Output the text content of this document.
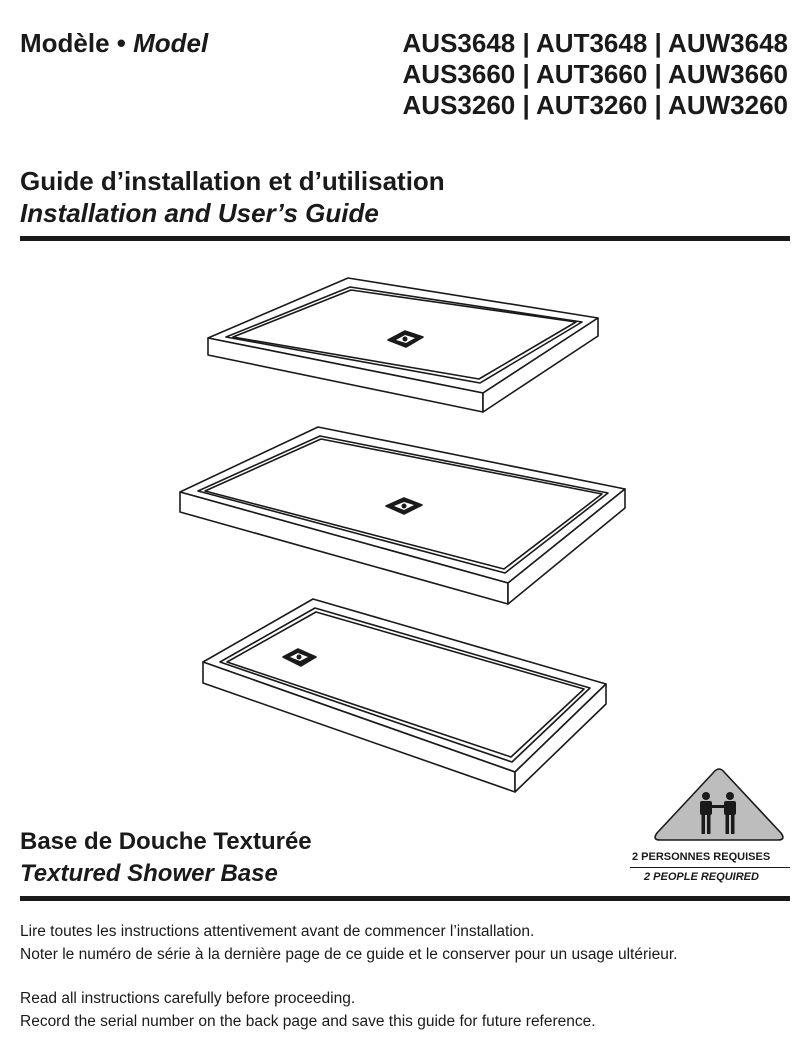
Modèle • Model	AUS3648 | AUT3648 | AUW3648
AUS3660 | AUT3660 | AUW3660
AUS3260 | AUT3260 | AUW3260
Guide d’installation et d’utilisation
Installation and User’s Guide
Base de Douche Texturée
Textured Shower Base
2 PERSONNES REQUISES
2 PEOPLE REQUIRED
Lire toutes les instructions attentivement avant de commencer l’installation.
Noter le numéro de série à la dernière page de ce guide et le conserver pour un usage ultérieur.
Read all instructions carefully before proceeding.
Record the serial number on the back page and save this guide for future reference.
